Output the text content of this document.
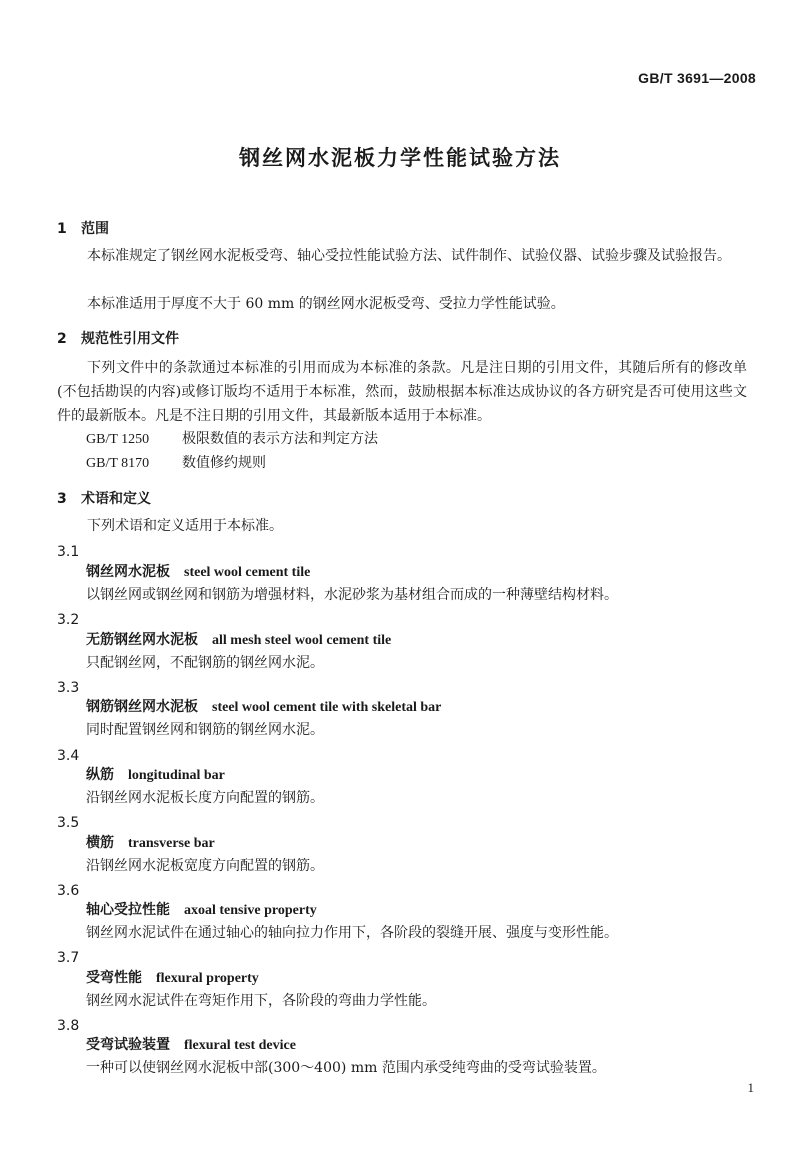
GB/T 3691—2008
钢丝网水泥板力学性能试验方法
1 范围
本标准规定了钢丝网水泥板受弯、轴心受拉性能试验方法、试件制作、试验仪器、试验步骤及试验报告。
本标准适用于厚度不大于 60 mm 的钢丝网水泥板受弯、受拉力学性能试验。
2 规范性引用文件
下列文件中的条款通过本标准的引用而成为本标准的条款。凡是注日期的引用文件，其随后所有的修改单(不包括勘误的内容)或修订版均不适用于本标准，然而，鼓励根据本标准达成协议的各方研究是否可使用这些文件的最新版本。凡是不注日期的引用文件，其最新版本适用于本标准。
GB/T 1250 极限数值的表示方法和判定方法
GB/T 8170 数值修约规则
3 术语和定义
下列术语和定义适用于本标准。
3.1
钢丝网水泥板 steel wool cement tile
以钢丝网或钢丝网和钢筋为增强材料，水泥砂浆为基材组合而成的一种薄壁结构材料。
3.2
无筋钢丝网水泥板 all mesh steel wool cement tile
只配钢丝网，不配钢筋的钢丝网水泥。
3.3
钢筋钢丝网水泥板 steel wool cement tile with skeletal bar
同时配置钢丝网和钢筋的钢丝网水泥。
3.4
纵筋 longitudinal bar
沿钢丝网水泥板长度方向配置的钢筋。
3.5
横筋 transverse bar
沿钢丝网水泥板宽度方向配置的钢筋。
3.6
轴心受拉性能 axoal tensive property
钢丝网水泥试件在通过轴心的轴向拉力作用下，各阶段的裂缝开展、强度与变形性能。
3.7
受弯性能 flexural property
钢丝网水泥试件在弯矩作用下，各阶段的弯曲力学性能。
3.8
受弯试验装置 flexural test device
一种可以使钢丝网水泥板中部(300～400) mm 范围内承受纯弯曲的受弯试验装置。
1
